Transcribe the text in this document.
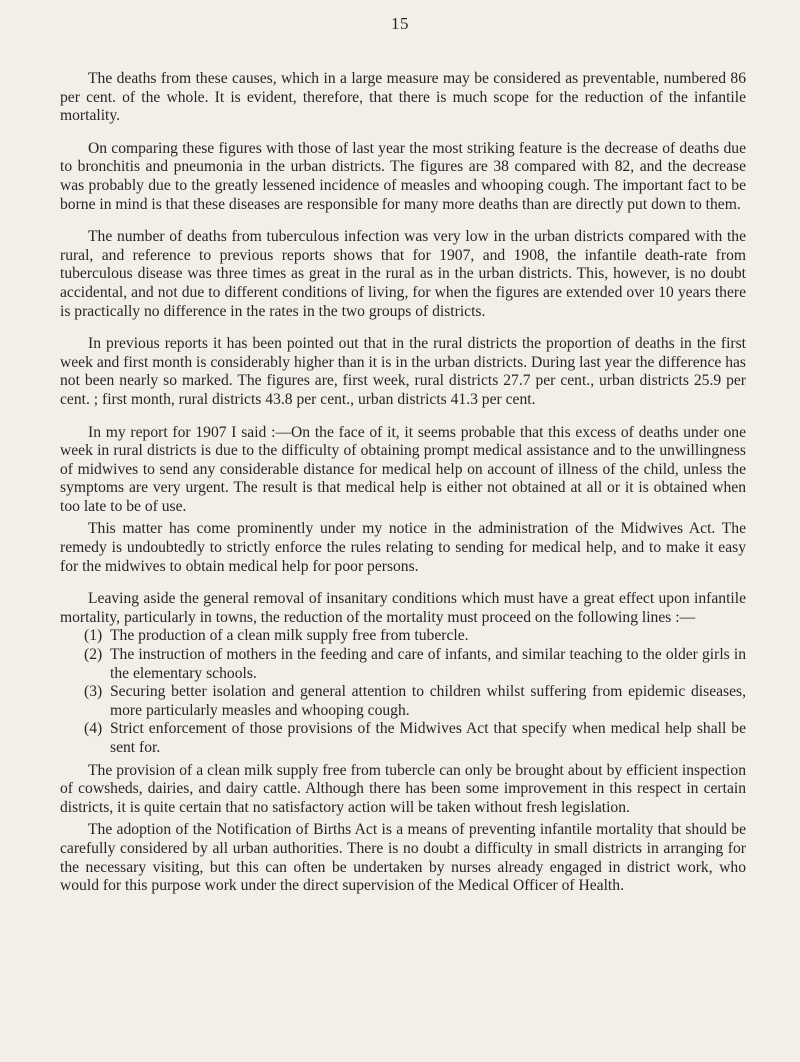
15

The deaths from these causes, which in a large measure may be considered as preventable, numbered 86 per cent. of the whole. It is evident, therefore, that there is much scope for the reduction of the infantile mortality.

On comparing these figures with those of last year the most striking feature is the decrease of deaths due to bronchitis and pneumonia in the urban districts. The figures are 38 compared with 82, and the decrease was probably due to the greatly lessened incidence of measles and whooping cough. The important fact to be borne in mind is that these diseases are responsible for many more deaths than are directly put down to them.

The number of deaths from tuberculous infection was very low in the urban districts compared with the rural, and reference to previous reports shows that for 1907, and 1908, the infantile death-rate from tuberculous disease was three times as great in the rural as in the urban districts. This, however, is no doubt accidental, and not due to different conditions of living, for when the figures are extended over 10 years there is practically no difference in the rates in the two groups of districts.

In previous reports it has been pointed out that in the rural districts the proportion of deaths in the first week and first month is considerably higher than it is in the urban districts. During last year the difference has not been nearly so marked. The figures are, first week, rural districts 27.7 per cent., urban districts 25.9 per cent. ; first month, rural districts 43.8 per cent., urban districts 41.3 per cent.

In my report for 1907 I said :—On the face of it, it seems probable that this excess of deaths under one week in rural districts is due to the difficulty of obtaining prompt medical assistance and to the unwillingness of midwives to send any considerable distance for medical help on account of illness of the child, unless the symptoms are very urgent. The result is that medical help is either not obtained at all or it is obtained when too late to be of use.

This matter has come prominently under my notice in the administration of the Midwives Act. The remedy is undoubtedly to strictly enforce the rules relating to sending for medical help, and to make it easy for the midwives to obtain medical help for poor persons.

Leaving aside the general removal of insanitary conditions which must have a great effect upon infantile mortality, particularly in towns, the reduction of the mortality must proceed on the following lines :—

(1) The production of a clean milk supply free from tubercle.
(2) The instruction of mothers in the feeding and care of infants, and similar teaching to the older girls in the elementary schools.
(3) Securing better isolation and general attention to children whilst suffering from epidemic diseases, more particularly measles and whooping cough.
(4) Strict enforcement of those provisions of the Midwives Act that specify when medical help shall be sent for.

The provision of a clean milk supply free from tubercle can only be brought about by efficient inspection of cowsheds, dairies, and dairy cattle. Although there has been some improvement in this respect in certain districts, it is quite certain that no satisfactory action will be taken without fresh legislation.

The adoption of the Notification of Births Act is a means of preventing infantile mortality that should be carefully considered by all urban authorities. There is no doubt a difficulty in small districts in arranging for the necessary visiting, but this can often be undertaken by nurses already engaged in district work, who would for this purpose work under the direct supervision of the Medical Officer of Health.
